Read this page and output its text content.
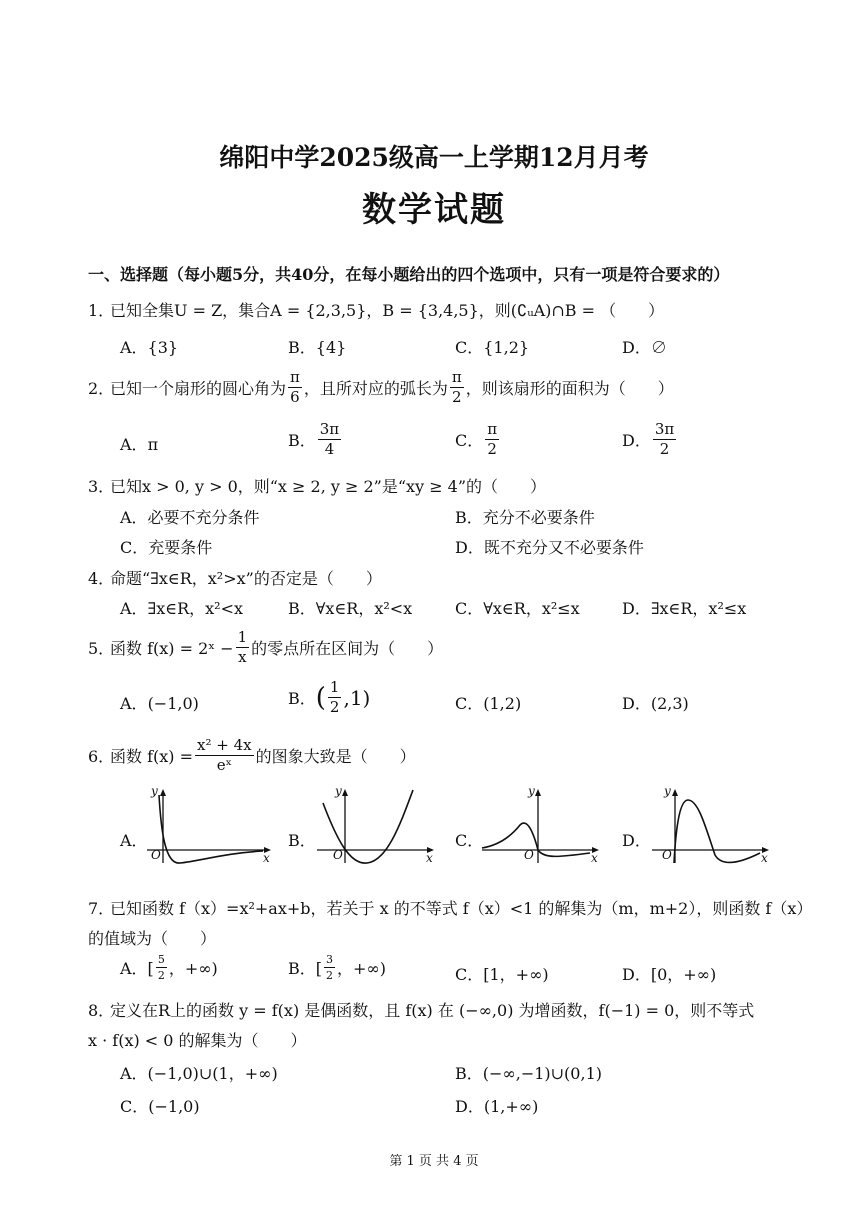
绵阳中学2025级高一上学期12月月考
数学试题
一、选择题（每小题5分，共40分，在每小题给出的四个选项中，只有一项是符合要求的）
1．已知全集U = Z，集合A = {2,3,5}，B = {3,4,5}，则(∁ᵤA)∩B = （　　）
A．{3}	B．{4}	C．{1,2}	D．∅
2．
已知一个扇形的圆心角为 $\frac{\pi}{6}$ ，且所对应的弧长为 $\frac{\pi}{2}$ ，则该扇形的面积为（　　）
A．π	B． $\frac{3\pi}{4}$	C． $\frac{\pi}{2}$	D． $\frac{3\pi}{2}$
3．已知x > 0, y > 0，则“x ≥ 2, y ≥ 2”是“xy ≥ 4”的（　　）
A．必要不充分条件	B．充分不必要条件
C．充要条件	D．既不充分又不必要条件
4．命题“∃x∈R，x²>x”的否定是（　　）
A．∃x∈R，x²<x	B．∀x∈R，x²<x	C．∀x∈R，x²≤x	D．∃x∈R，x²≤x
5．
函数 f(x) = 2ˣ − $\frac{1}{x}$ 的零点所在区间为（　　）
A．(−1,0)	B． ( $\frac{1}{2} ,1$)	C．(1,2)	D．(2,3)
6．
函数 $f(x) = \frac{\text{x² + 4x}}{\text{eˣ}}$ 的图象大致是（　　）
A．
y
O	x
B．
y
O	x
C．
y
O	x
D．
y
O	x
7．已知函数 f（x）=x²+ax+b，若关于 x 的不等式 f（x）<1 的解集为（m，m+2），则函数 f（x）
的值域为（　　）
A．[ $\frac{5}{2}$ ，+∞)	B．[ $\frac{3}{2}$ ，+∞)	C．[1，+∞)	D．[0，+∞)
8．定义在R上的函数 y = f(x) 是偶函数，且 f(x) 在 (−∞,0) 为增函数，f(−1) = 0，则不等式
x · f(x) < 0 的解集为（　　）
A．(−1,0)∪(1，+∞)	B．(−∞,−1)∪(0,1)
C．(−1,0)	D．(1,+∞)
第 1 页 共 4 页
